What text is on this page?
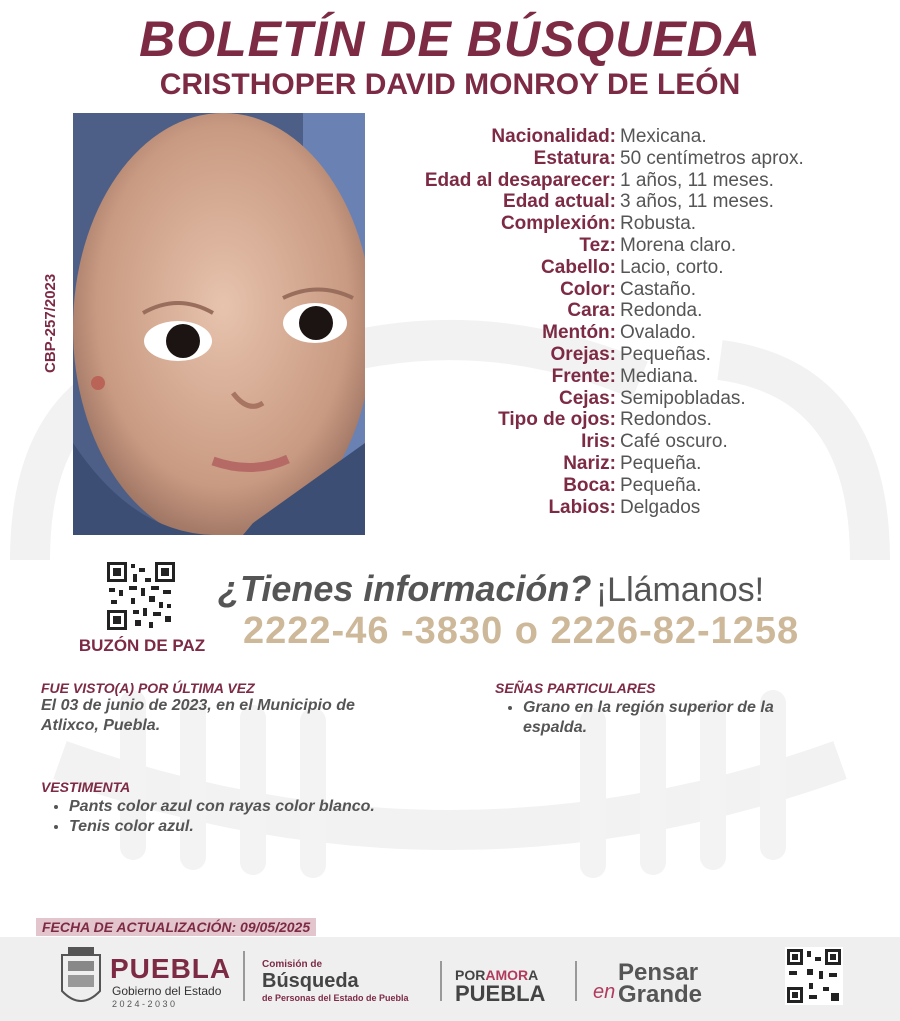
BOLETÍN DE BÚSQUEDA
CRISTHOPER DAVID MONROY DE LEÓN
CBP-257/2023
Nacionalidad: Mexicana.
Estatura: 50 centímetros aprox.
Edad al desaparecer: 1 años, 11 meses.
Edad actual: 3 años, 11 meses.
Complexión: Robusta.
Tez: Morena claro.
Cabello: Lacio, corto.
Color: Castaño.
Cara: Redonda.
Mentón: Ovalado.
Orejas: Pequeñas.
Frente: Mediana.
Cejas: Semipobladas.
Tipo de ojos: Redondos.
Iris: Café oscuro.
Nariz: Pequeña.
Boca: Pequeña.
Labios: Delgados
BUZÓN DE PAZ
¿Tienes información? ¡Llámanos!
2222-46 -3830 o 2226-82-1258
FUE VISTO(A) POR ÚLTIMA VEZ
El 03 de junio de 2023, en el Municipio de Atlixco, Puebla.
SEÑAS PARTICULARES
• Grano en la región superior de la espalda.
VESTIMENTA
• Pants color azul con rayas color blanco.
• Tenis color azul.
FECHA DE ACTUALIZACIÓN: 09/05/2025
PUEBLA
Gobierno del Estado
2 0 2 4 - 2 0 3 0
Comisión de
Búsqueda
de Personas del Estado de Puebla
PORAMORA
PUEBLA
Pensar
en Grande
